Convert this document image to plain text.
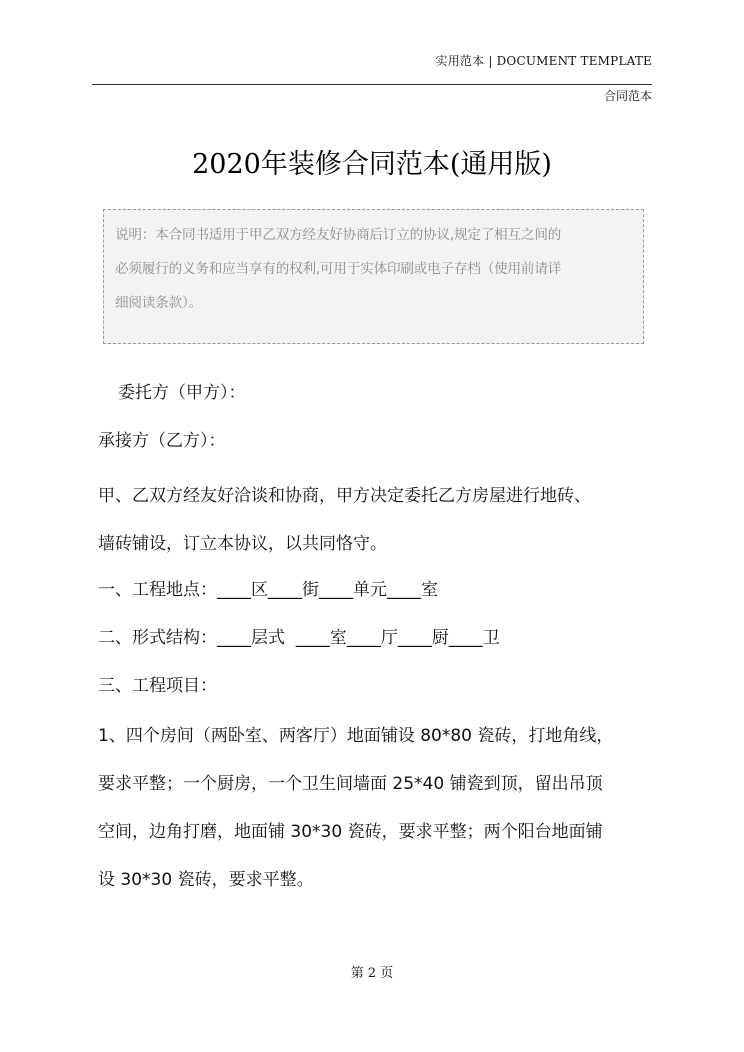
实用范本 | DOCUMENT TEMPLATE
合同范本
2020年装修合同范本(通用版)
说明：本合同书适用于甲乙双方经友好协商后订立的协议,规定了相互之间的
必须履行的义务和应当享有的权利,可用于实体印刷或电子存档（使用前请详
细阅读条款）。
委托方（甲方）：
承接方（乙方）：
甲、乙双方经友好洽谈和协商，甲方决定委托乙方房屋进行地砖、
墙砖铺设，订立本协议，以共同恪守。
一、工程地点：____区____街____单元____室
二、形式结构：____层式  ____室____厅____厨____卫
三、工程项目：
1、四个房间（两卧室、两客厅）地面铺设 80*80 瓷砖，打地角线，
要求平整；一个厨房，一个卫生间墙面 25*40 铺瓷到顶，留出吊顶
空间，边角打磨，地面铺 30*30 瓷砖，要求平整；两个阳台地面铺
设 30*30 瓷砖，要求平整。
第 2 页
